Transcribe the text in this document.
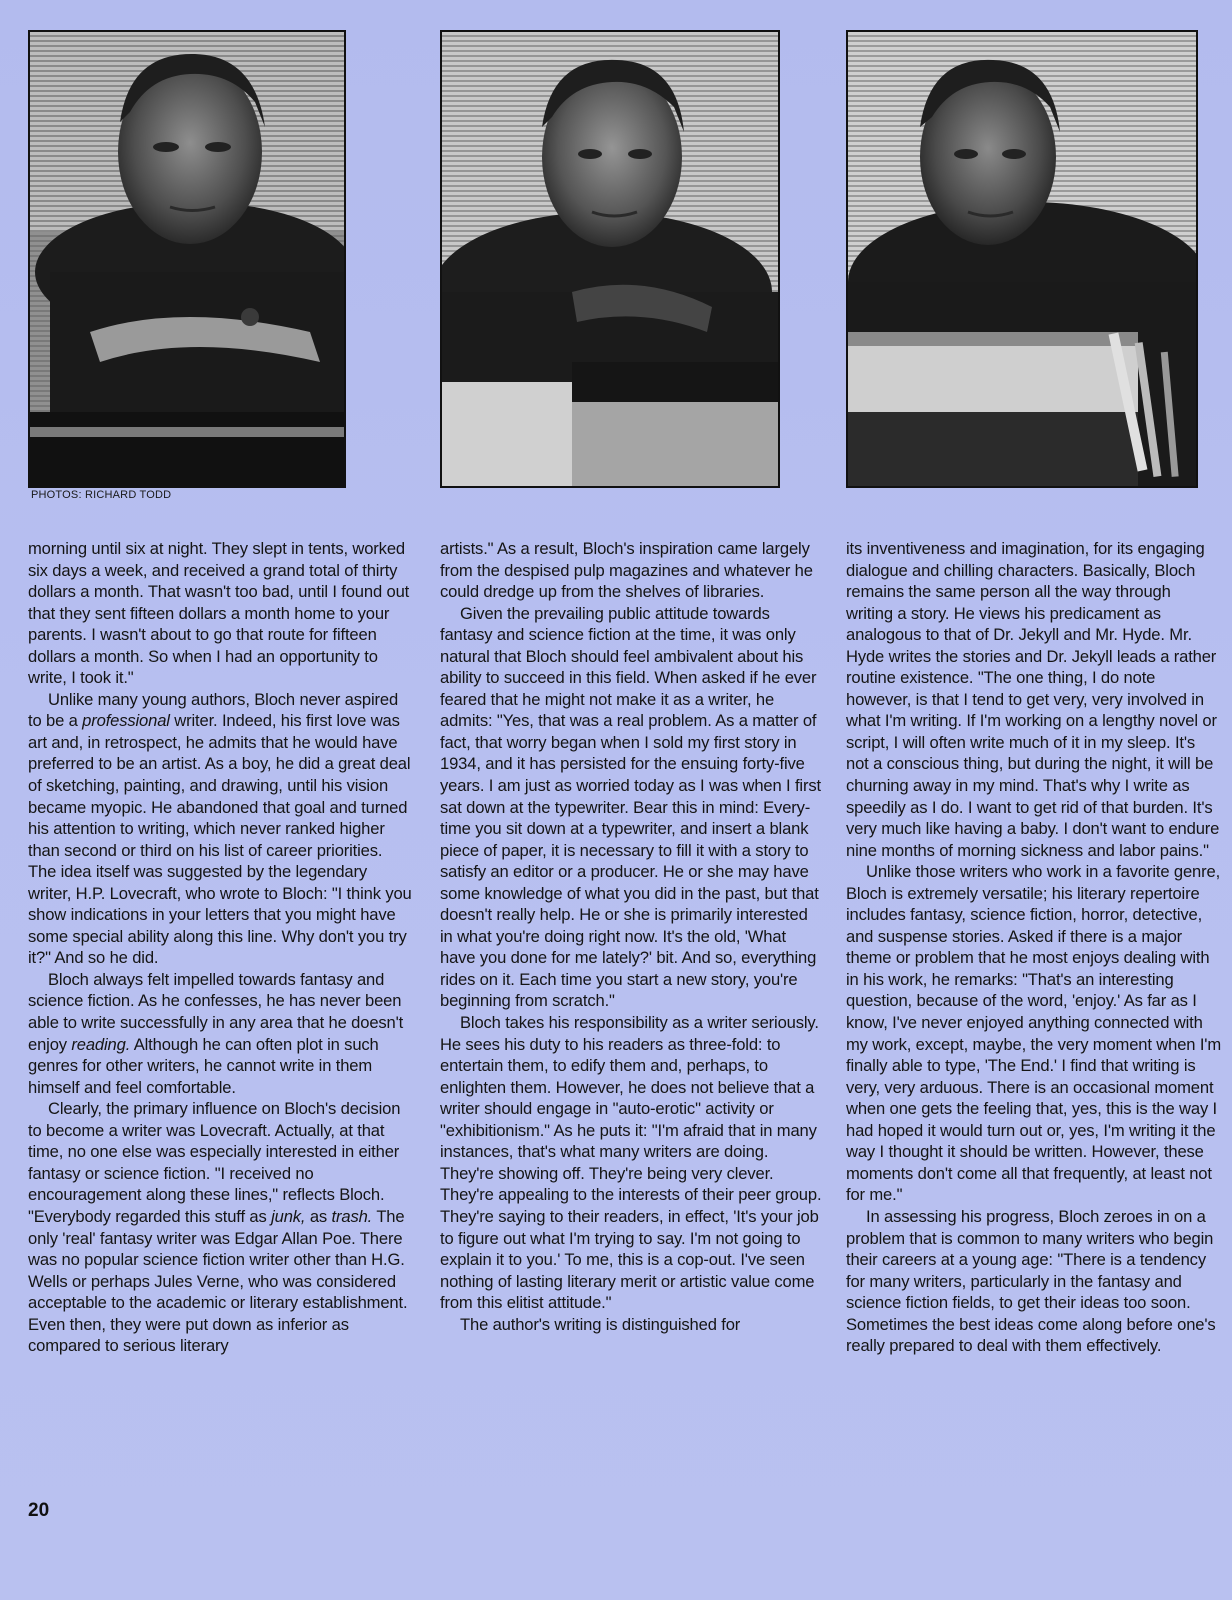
PHOTOS: RICHARD TODD

morning until six at night. They slept in tents, worked six days a week, and received a grand total of thirty dollars a month. That wasn't too bad, until I found out that they sent fifteen dollars a month home to your parents. I wasn't about to go that route for fifteen dollars a month. So when I had an opportunity to write, I took it."

Unlike many young authors, Bloch never aspired to be a professional writer. Indeed, his first love was art and, in retrospect, he admits that he would have preferred to be an artist. As a boy, he did a great deal of sketching, painting, and drawing, until his vision became myopic. He abandoned that goal and turned his attention to writing, which never ranked higher than second or third on his list of career priorities. The idea itself was suggested by the legendary writer, H.P. Lovecraft, who wrote to Bloch: "I think you show indications in your letters that you might have some special ability along this line. Why don't you try it?" And so he did.

Bloch always felt impelled towards fantasy and science fiction. As he confesses, he has never been able to write successfully in any area that he doesn't enjoy reading. Although he can often plot in such genres for other writers, he cannot write in them himself and feel comfortable.

Clearly, the primary influence on Bloch's decision to become a writer was Lovecraft. Actually, at that time, no one else was especially interested in either fantasy or science fiction. "I received no encouragement along these lines," reflects Bloch. "Everybody regarded this stuff as junk, as trash. The only 'real' fantasy writer was Edgar Allan Poe. There was no popular science fiction writer other than H.G. Wells or perhaps Jules Verne, who was considered acceptable to the academic or literary establishment. Even then, they were put down as inferior as compared to serious literary

artists." As a result, Bloch's inspiration came largely from the despised pulp magazines and whatever he could dredge up from the shelves of libraries.

Given the prevailing public attitude towards fantasy and science fiction at the time, it was only natural that Bloch should feel ambivalent about his ability to succeed in this field. When asked if he ever feared that he might not make it as a writer, he admits: "Yes, that was a real problem. As a matter of fact, that worry began when I sold my first story in 1934, and it has persisted for the ensuing forty-five years. I am just as worried today as I was when I first sat down at the typewriter. Bear this in mind: Every-time you sit down at a typewriter, and insert a blank piece of paper, it is necessary to fill it with a story to satisfy an editor or a producer. He or she may have some knowledge of what you did in the past, but that doesn't really help. He or she is primarily interested in what you're doing right now. It's the old, 'What have you done for me lately?' bit. And so, everything rides on it. Each time you start a new story, you're beginning from scratch."

Bloch takes his responsibility as a writer seriously. He sees his duty to his readers as three-fold: to entertain them, to edify them and, perhaps, to enlighten them. However, he does not believe that a writer should engage in "auto-erotic" activity or "exhibitionism." As he puts it: "I'm afraid that in many instances, that's what many writers are doing. They're showing off. They're being very clever. They're appealing to the interests of their peer group. They're saying to their readers, in effect, 'It's your job to figure out what I'm trying to say. I'm not going to explain it to you.' To me, this is a cop-out. I've seen nothing of lasting literary merit or artistic value come from this elitist attitude."

The author's writing is distinguished for

its inventiveness and imagination, for its engaging dialogue and chilling characters. Basically, Bloch remains the same person all the way through writing a story. He views his predicament as analogous to that of Dr. Jekyll and Mr. Hyde. Mr. Hyde writes the stories and Dr. Jekyll leads a rather routine existence. "The one thing, I do note however, is that I tend to get very, very involved in what I'm writing. If I'm working on a lengthy novel or script, I will often write much of it in my sleep. It's not a conscious thing, but during the night, it will be churning away in my mind. That's why I write as speedily as I do. I want to get rid of that burden. It's very much like having a baby. I don't want to endure nine months of morning sickness and labor pains."

Unlike those writers who work in a favorite genre, Bloch is extremely versatile; his literary repertoire includes fantasy, science fiction, horror, detective, and suspense stories. Asked if there is a major theme or problem that he most enjoys dealing with in his work, he remarks: "That's an interesting question, because of the word, 'enjoy.' As far as I know, I've never enjoyed anything connected with my work, except, maybe, the very moment when I'm finally able to type, 'The End.' I find that writing is very, very arduous. There is an occasional moment when one gets the feeling that, yes, this is the way I had hoped it would turn out or, yes, I'm writing it the way I thought it should be written. However, these moments don't come all that frequently, at least not for me."

In assessing his progress, Bloch zeroes in on a problem that is common to many writers who begin their careers at a young age: "There is a tendency for many writers, particularly in the fantasy and science fiction fields, to get their ideas too soon. Sometimes the best ideas come along before one's really prepared to deal with them effectively.

20
